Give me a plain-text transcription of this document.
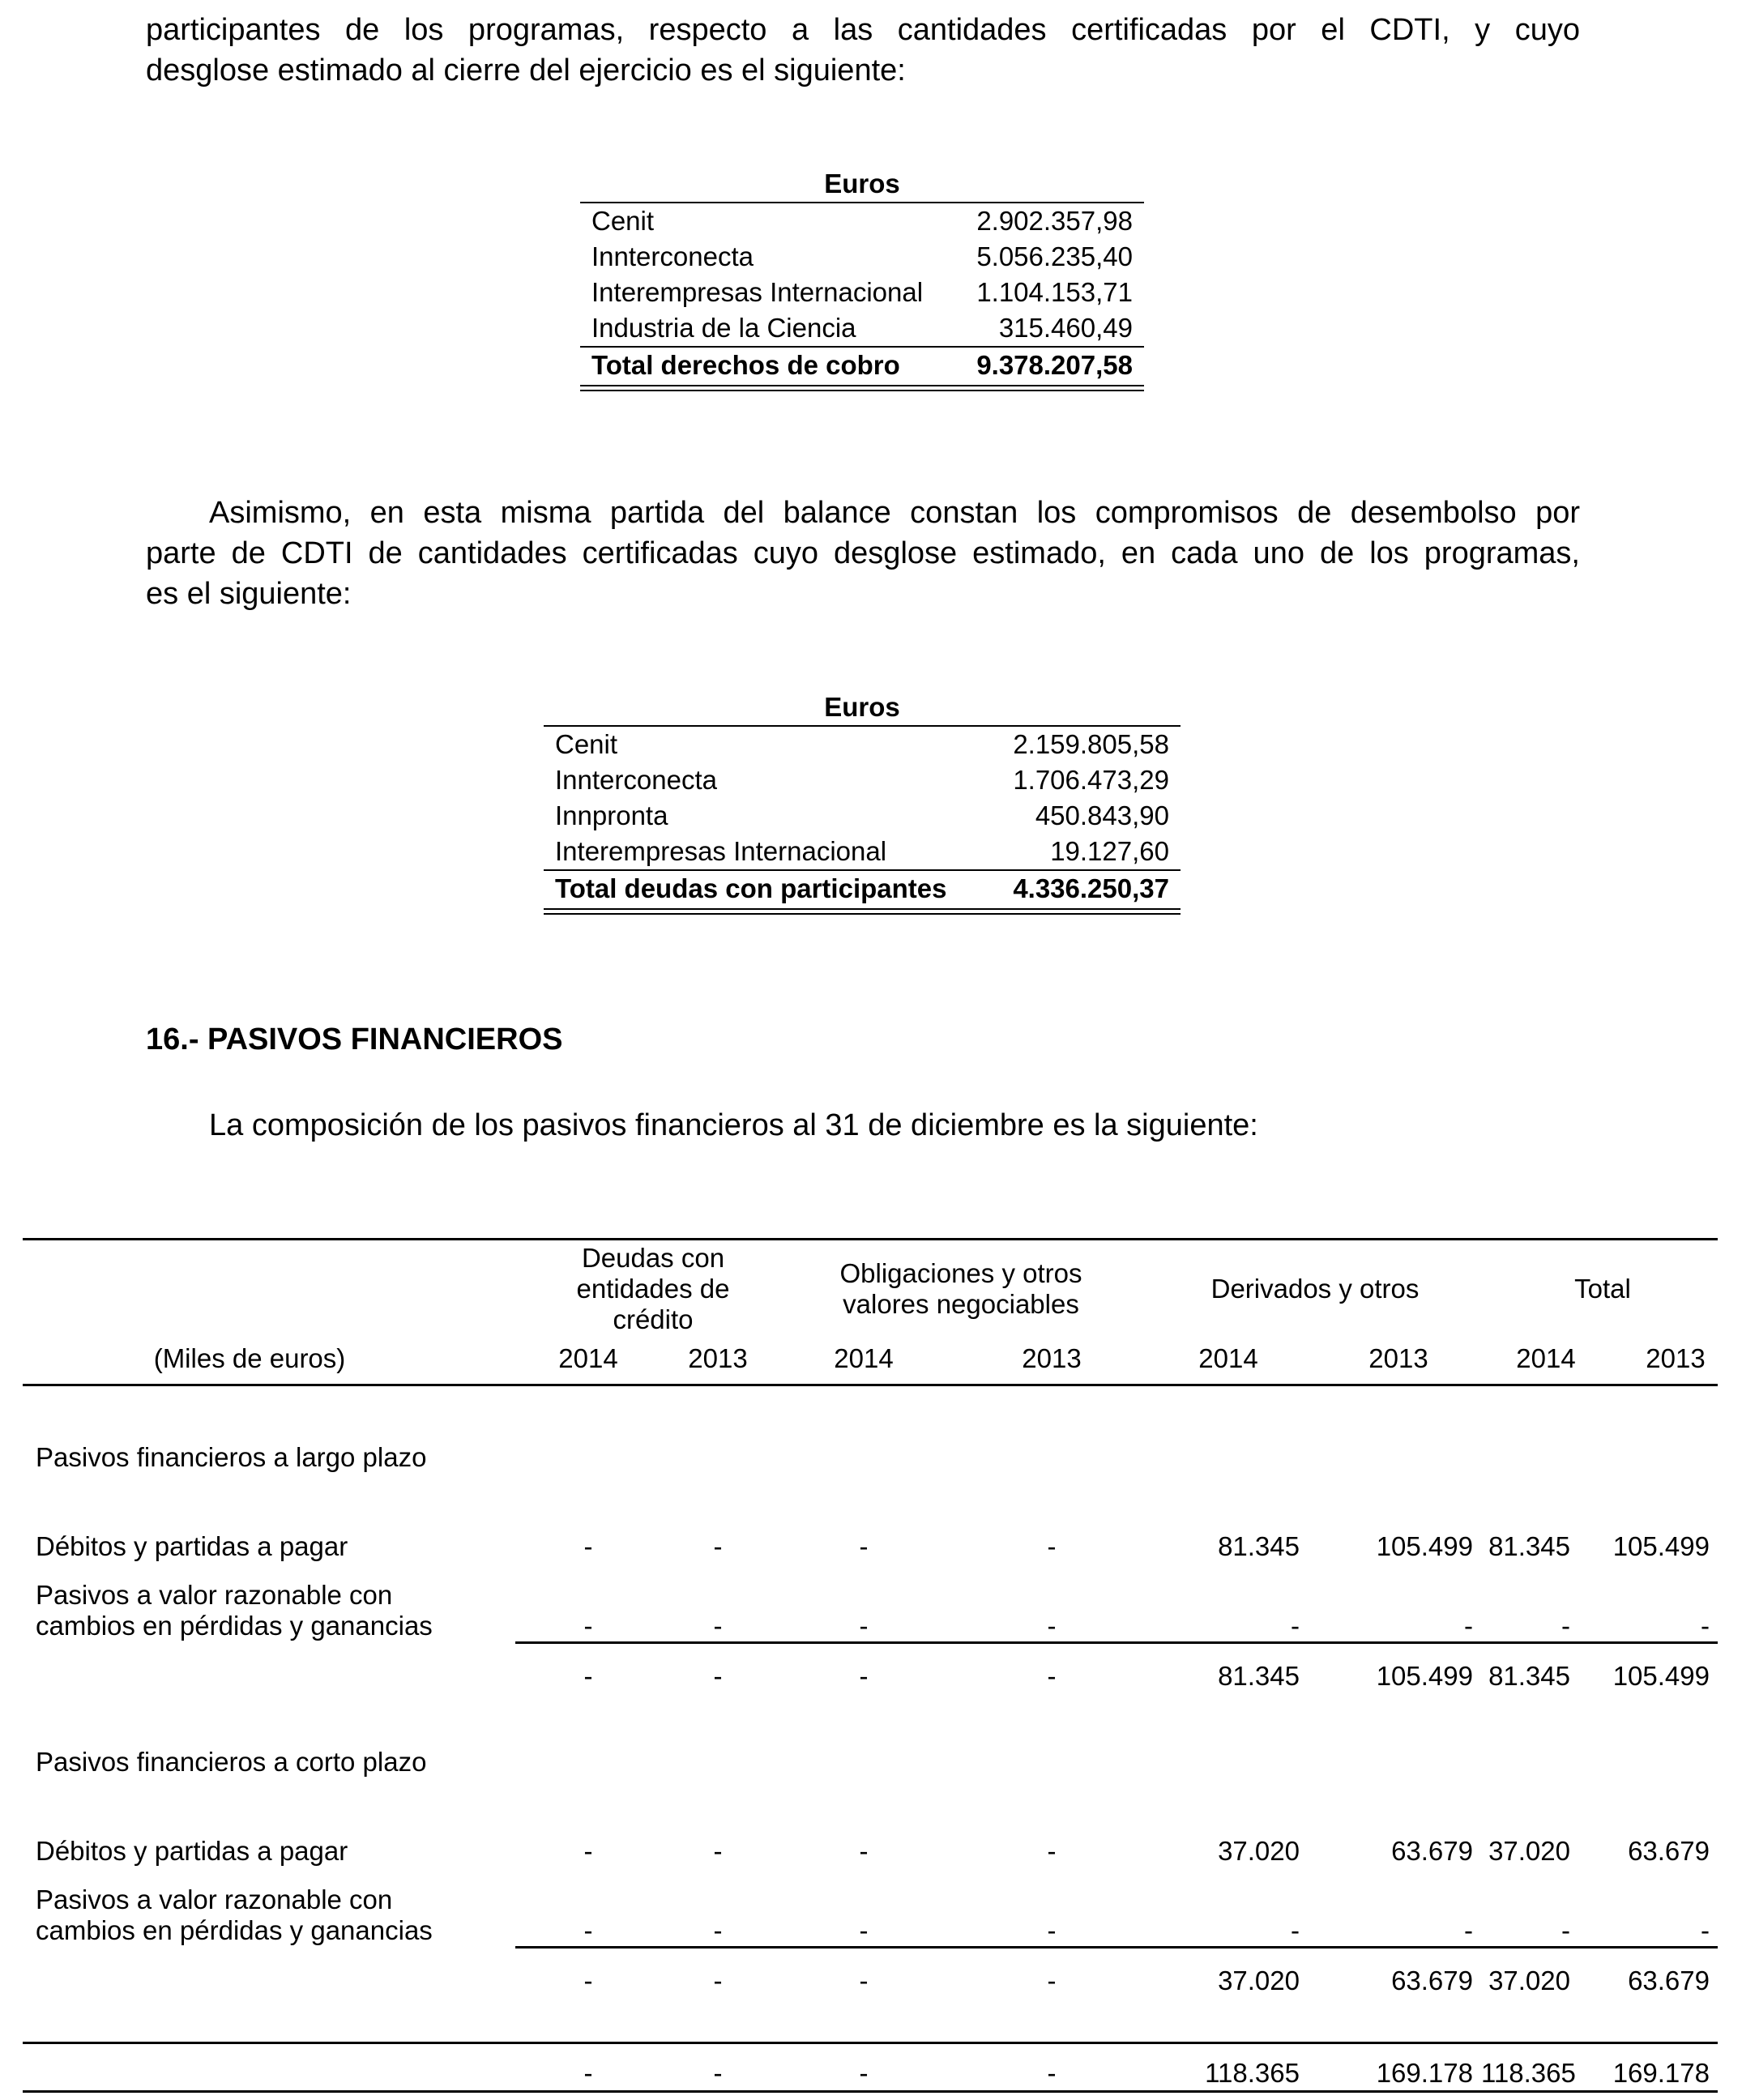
participantes de los programas, respecto a las cantidades certificadas por el CDTI, y cuyo
desglose estimado al cierre del ejercicio es el siguiente:
Euros
Cenit	2.902.357,98
Innterconecta	5.056.235,40
Interempresas Internacional 1.104.153,71
Industria de la Ciencia	315.460,49
Total derechos de cobro	9.378.207,58
Asimismo, en esta misma partida del balance constan los compromisos de desembolso por
parte de CDTI de cantidades certificadas cuyo desglose estimado, en cada uno de los programas,
es el siguiente:
Euros
Cenit	2.159.805,58
Innterconecta	1.706.473,29
Innpronta	450.843,90
Interempresas Internacional	19.127,60
Total deudas con participantes 4.336.250,37
16.- PASIVOS FINANCIEROS
La composición de los pasivos financieros al 31 de diciembre es la siguiente:
Deudas con
entidades de
crédito
Obligaciones y otros
valores negociables
Derivados y otros	Total
(Miles de euros)	2014	2013	2014	2013	2014	2013	2014	2013
Pasivos financieros a largo plazo
Débitos y partidas a pagar	-	-	-	-	81.345	105.499 81.345	105.499
Pasivos a valor razonable con
cambios en pérdidas y ganancias	-	-	-	-	-	-	-	-
-	-	-	-	81.345	105.499 81.345	105.499
Pasivos financieros a corto plazo
Débitos y partidas a pagar	-	-	-	-	37.020	63.679 37.020	63.679
Pasivos a valor razonable con
cambios en pérdidas y ganancias	-	-	-	-	-	-	-	-
-	-	-	-	37.020	63.679 37.020	63.679
-	-	-	-	118.365	169.178 118.365	169.178
